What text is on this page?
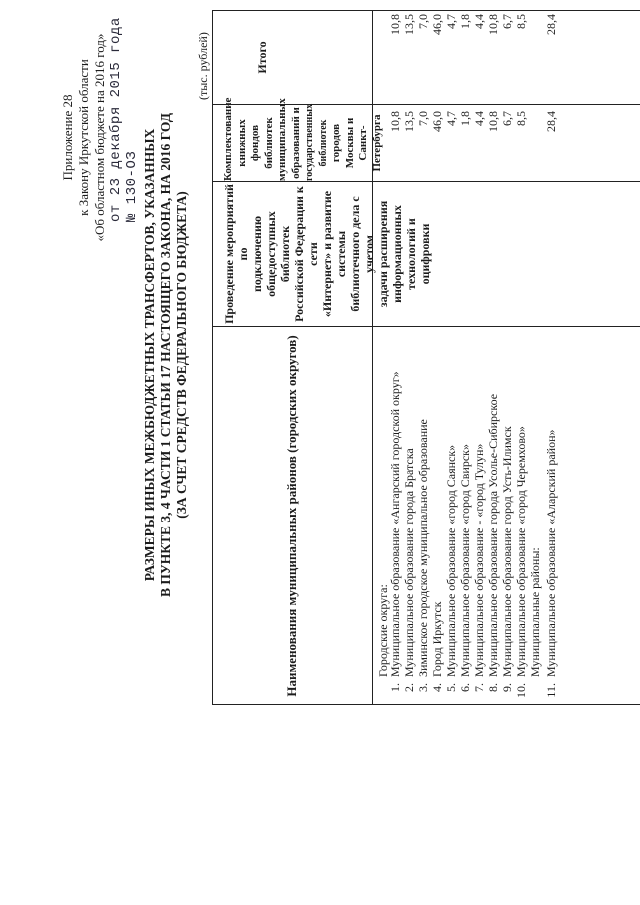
Приложение 28 к Закону Иркутской области «Об областном бюджете на 2016 год» от 23 декабря 2015 года № 130-ОЗ РАЗМЕРЫ ИНЫХ МЕЖБЮДЖЕТНЫХ ТРАНСФЕРТОВ, УКАЗАННЫХ В ПУНКТЕ 3, 4 ЧАСТИ 1 СТАТЬИ 17 НАСТОЯЩЕГО ЗАКОНА, НА 2016 ГОД (ЗА СЧЕТ СРЕДСТВ ФЕДЕРАЛЬНОГО БЮДЖЕТА)
(тыс. рублей)
Наименования муниципальных районов (городских округов)
Проведение мероприятий по подключению общедоступных библиотек Российской Федерации к сети «Интернет» и развитие системы библиотечного дела с учетом задачи расширения информационных технологий и оцифровки
Комплектование книжных фондов библиотек муниципальных образований и государственных библиотек городов Москвы и Санкт- Петербурга
Итого
Городские округа:
1.
Муниципальное образование «Ангарский городской округ»
10,8
10,8
2.
Муниципальное образование города Братска
13,5
13,5
3.
Зиминское городское муниципальное образование
7,0
7,0
4.
Город Иркутск
46,0
46,0
5.
Муниципальное образование «город Саянск»
4,7
4,7
6.
Муниципальное образование «город Свирск»
1,8
1,8
7.
Муниципальное образование - «город Тулун»
4,4
4,4
8.
Муниципальное образование города Усолье-Сибирское
10,8
10,8
9.
Муниципальное образование город Усть-Илимск
6,7
6,7
10.
Муниципальное образование «город Черемхово»
8,5
8,5
Муниципальные районы:
11.
Муниципальное образование «Аларский район»
28,4
28,4
